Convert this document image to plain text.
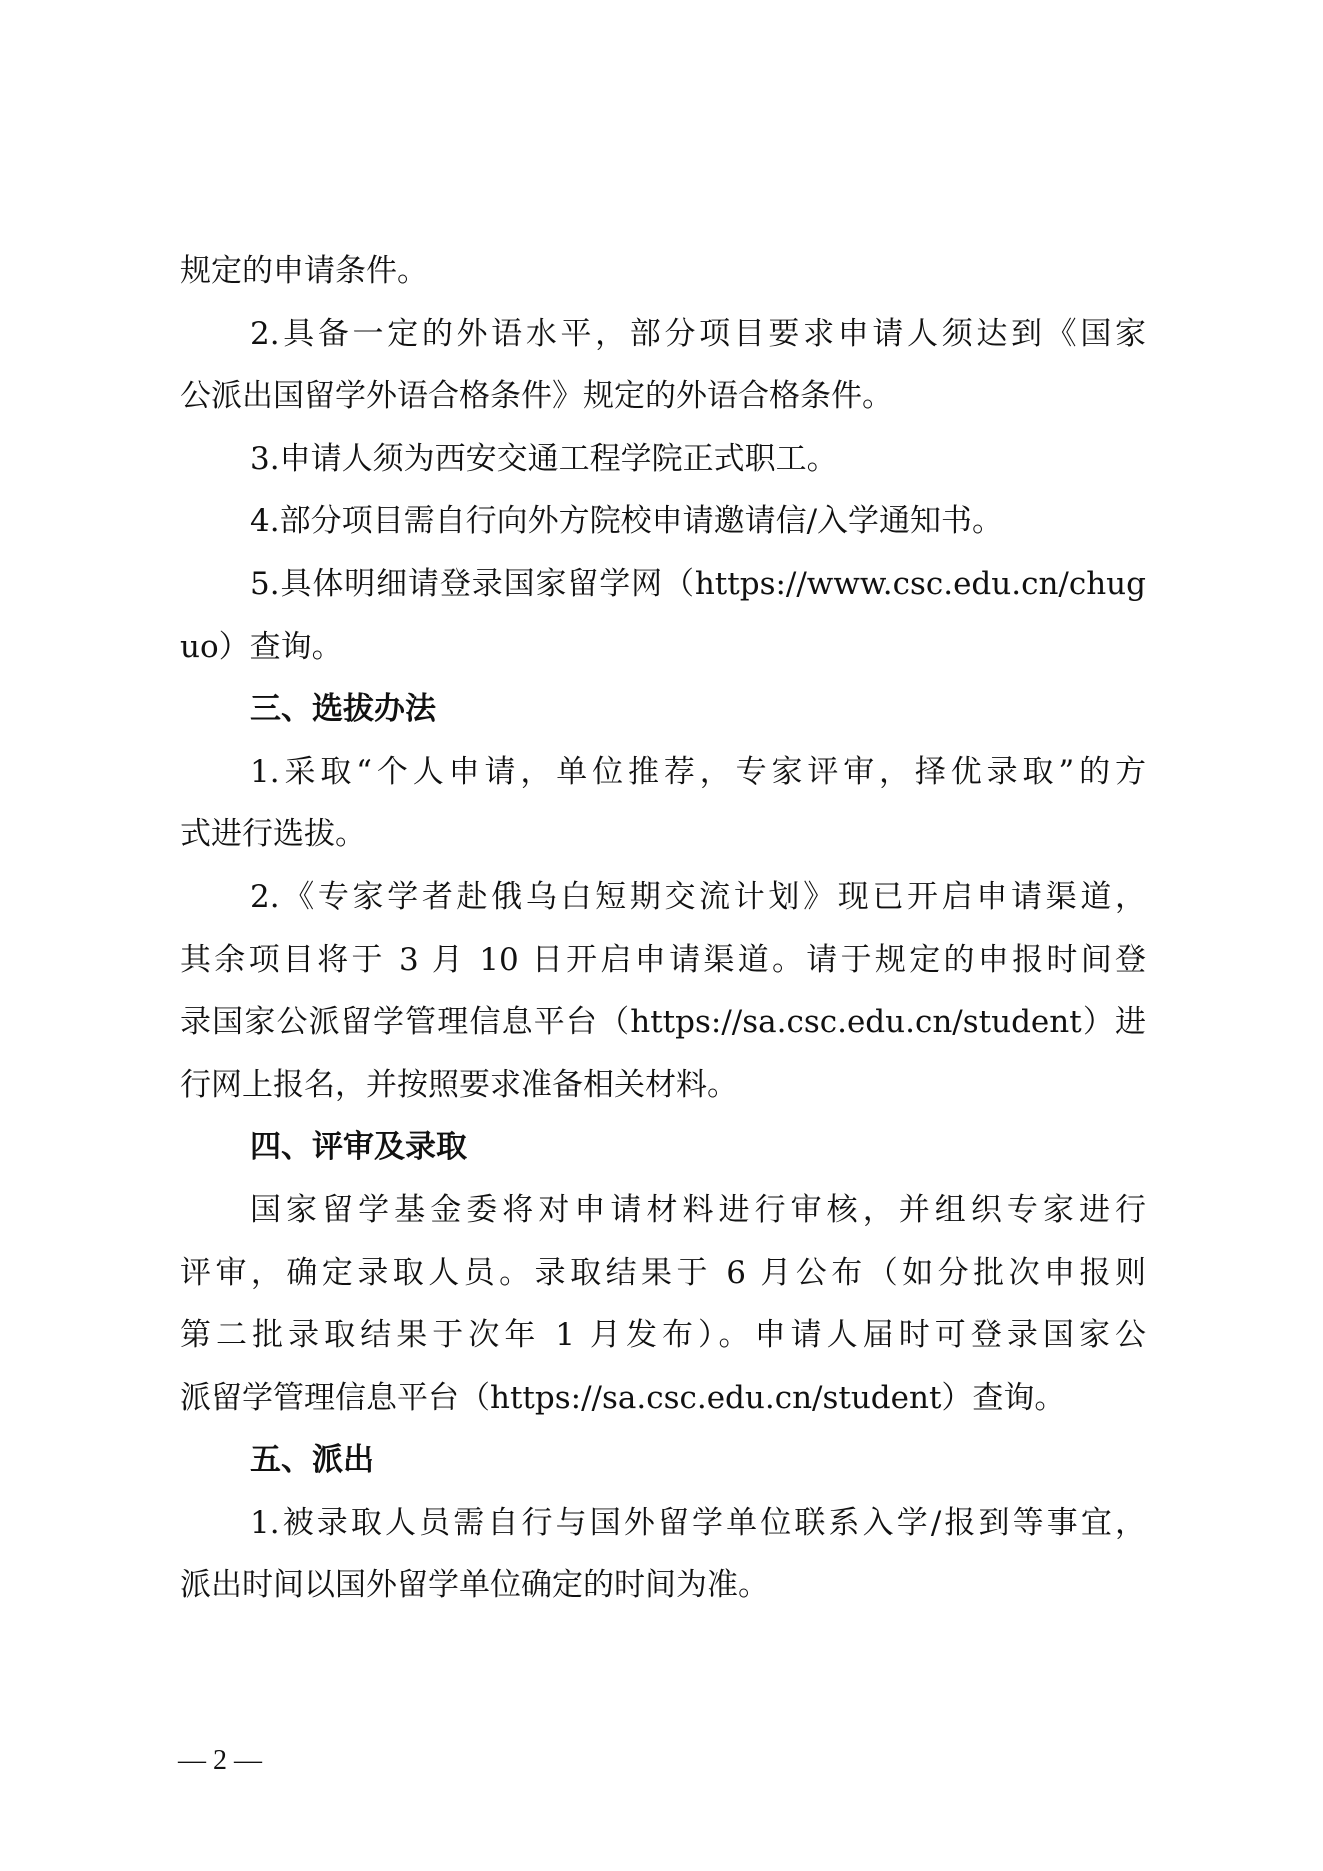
规定的申请条件。
2.具备一定的外语水平，部分项目要求申请人须达到《国家
公派出国留学外语合格条件》规定的外语合格条件。
3.申请人须为西安交通工程学院正式职工。
4.部分项目需自行向外方院校申请邀请信/入学通知书。
5.具体明细请登录国家留学网（https://www.csc.edu.cn/chug
uo）查询。
三、选拔办法
1.采取“个人申请，单位推荐，专家评审，择优录取”的方
式进行选拔。
2.《专家学者赴俄乌白短期交流计划》现已开启申请渠道，
其余项目将于 3 月 10 日开启申请渠道。请于规定的申报时间登
录国家公派留学管理信息平台（https://sa.csc.edu.cn/student）进
行网上报名，并按照要求准备相关材料。
四、评审及录取
国家留学基金委将对申请材料进行审核，并组织专家进行
评审，确定录取人员。录取结果于 6 月公布（如分批次申报则
第二批录取结果于次年 1 月发布）。申请人届时可登录国家公
派留学管理信息平台（https://sa.csc.edu.cn/student）查询。
五、派出
1.被录取人员需自行与国外留学单位联系入学/报到等事宜，
派出时间以国外留学单位确定的时间为准。
— 2 —
